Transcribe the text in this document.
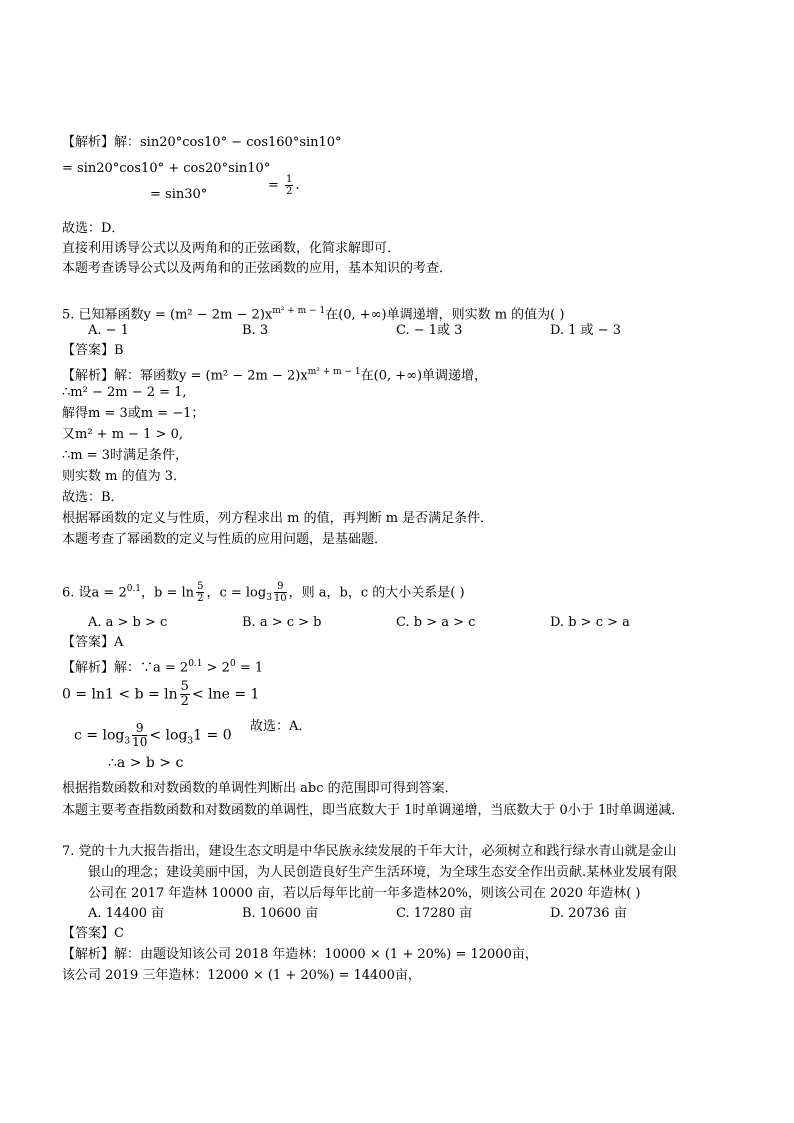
【解析】解：sin20°cos10° − cos160°sin10°
= sin20°cos10° + cos20°sin10°
= sin30°
= $\frac{1}{2}$ .
故选：D．
直接利用诱导公式以及两角和的正弦函数，化简求解即可．
本题考查诱导公式以及两角和的正弦函数的应用，基本知识的考查．
5. 已知幂函数$y = (m^2 - 2m - 2)x^{m^2 + m - 1}$在(0, +∞)单调递增，则实数 m 的值为( )
A. − 1	B. 3	C. − 1或 3	D. 1 或 − 3
【答案】B
【解析】解：幂函数$y = (m^2 - 2m - 2)x^{m^2 + m - 1}$在(0, +∞)单调递增，
∴m² − 2m − 2 = 1,
解得m = 3或m = −1；
又m² + m − 1 > 0,
∴m = 3时满足条件，
则实数 m 的值为 3．
故选：B．
根据幂函数的定义与性质，列方程求出 m 的值，再判断 m 是否满足条件．
本题考查了幂函数的定义与性质的应用问题，是基础题．
6. 设$a = 2^{0.1}$，$b = \ln \frac{5}{2}$ ，$c = \log_3 \frac{9}{10}$ ，则 a，b，c 的大小关系是( )
A. a > b > c	B. a > c > b	C. b > a > c	D. b > c > a
【答案】A
【解析】解：∵a = $2^{0.1} > 2^0 = 1$
$0 = \ln 1 < b = \ln \frac{5}{2} < \ln e = 1$
$c = \log_3 \frac{9}{10} < \log_31 = 0$
故选：A．
∴a > b > c
根据指数函数和对数函数的单调性判断出 abc 的范围即可得到答案．
本题主要考查指数函数和对数函数的单调性，即当底数大于 1时单调递增，当底数大于 0小于 1时单调递减．
7. 党的十九大报告指出，建设生态文明是中华民族永续发展的千年大计，必须树立和践行绿水青山就是金山
银山的理念；建设美丽中国，为人民创造良好生产生活环境，为全球生态安全作出贡献.某林业发展有限
公司在 2017 年造林 10000 亩，若以后每年比前一年多造林20%，则该公司在 2020 年造林( )
A. 14400 亩	B. 10600 亩	C. 17280 亩	D. 20736 亩
【答案】C
【解析】解：由题设知该公司 2018 年造林：10000 × (1 + 20%) = 12000亩，
该公司 2019 三年造林：12000 × (1 + 20%) = 14400亩，
